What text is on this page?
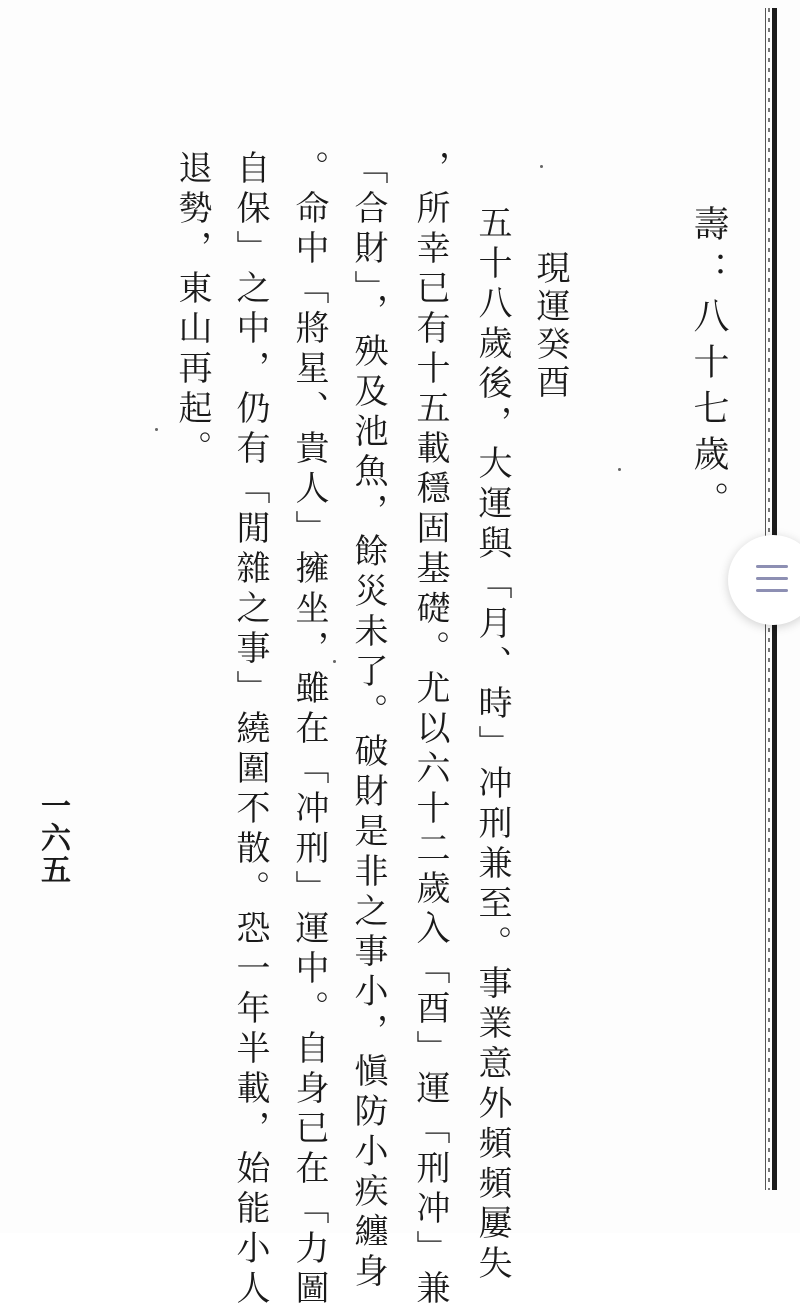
壽：八十七歲。

現運癸酉

五十八歲後，大運與「月、時」冲刑兼至。事業意外頻頻屢失

，所幸已有十五載穩固基礎。尤以六十二歲入「酉」運「刑冲」兼

「合財」，殃及池魚，餘災未了。破財是非之事小，愼防小疾纏身

。命中「將星、貴人」擁坐，雖在「冲刑」運中。自身已在「力圖

自保」之中，仍有「閒雜之事」繞圍不散。恐一年半載，始能小人

退勢，東山再起。

一六五
